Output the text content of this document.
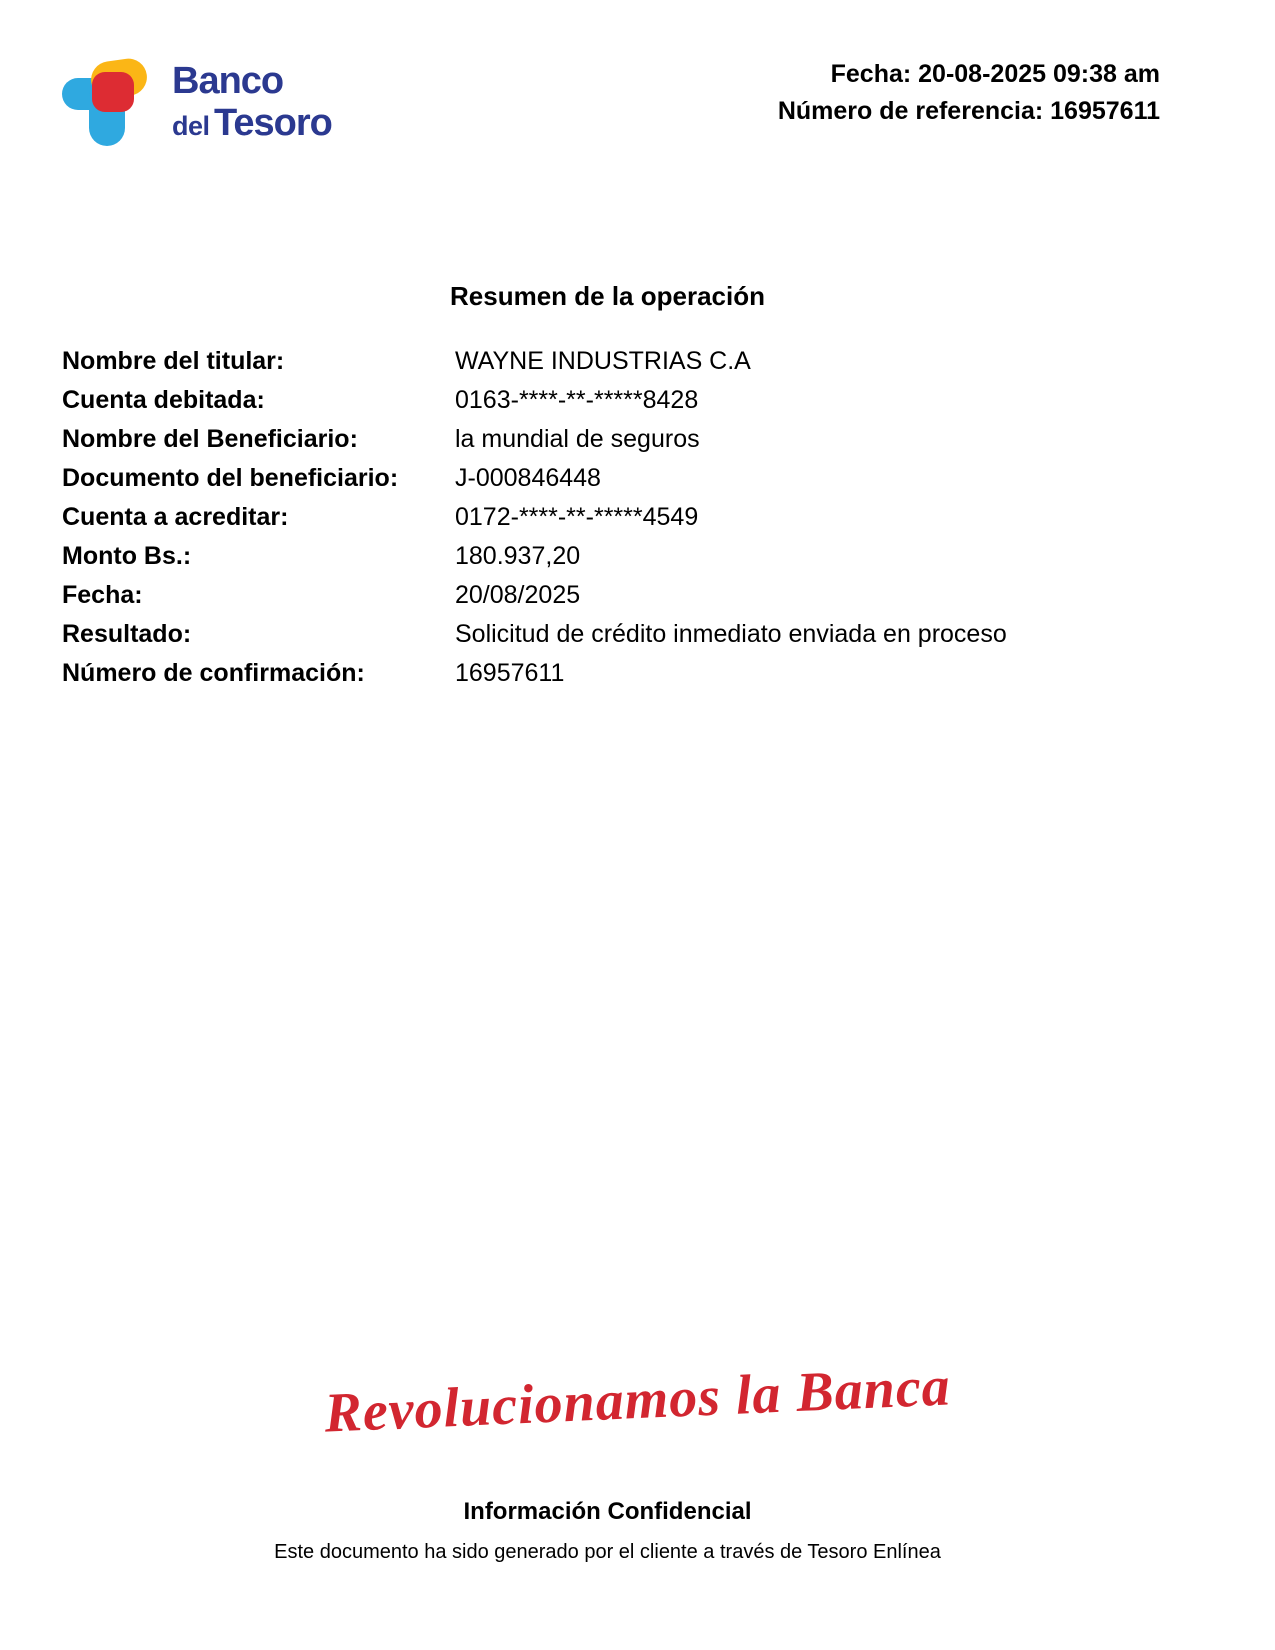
Banco
del Tesoro
Fecha: 20-08-2025 09:38 am
Número de referencia: 16957611
Resumen de la operación
Nombre del titular:	WAYNE INDUSTRIAS C.A
Cuenta debitada:	0163-****-**-*****8428
Nombre del Beneficiario:	la mundial de seguros
Documento del beneficiario:	J-000846448
Cuenta a acreditar:	0172-****-**-*****4549
Monto Bs.:	180.937,20
Fecha:	20/08/2025
Resultado:	Solicitud de crédito inmediato enviada en proceso
Número de confirmación:	16957611
Revolucionamos la Banca
Información Confidencial
Este documento ha sido generado por el cliente a través de Tesoro Enlínea
